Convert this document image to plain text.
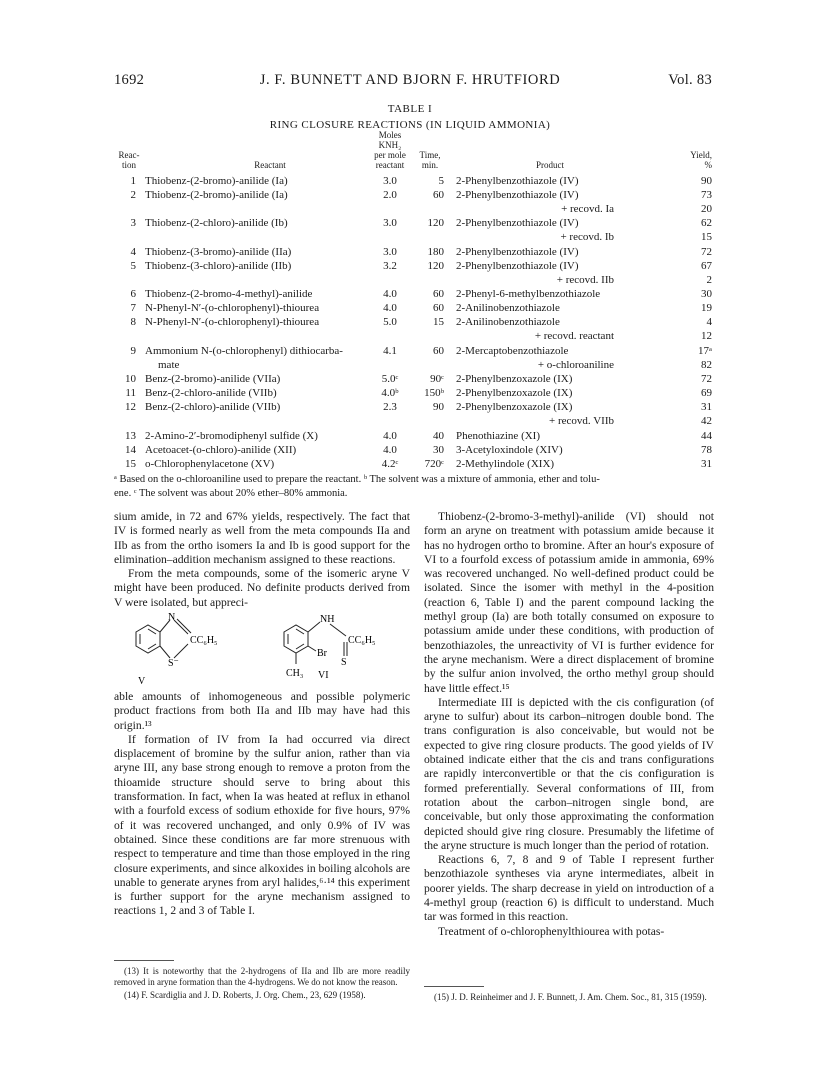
1692	J. F. BUNNETT AND BJORN F. HRUTFIORD	Vol. 83
TABLE I
RING CLOSURE REACTIONS (IN LIQUID AMMONIA)
Reac-
tion	Reactant
Moles
KNH₂
per mole
reactant
Time,
min.	Product
Yield,
%
1 Thiobenz-(2-bromo)-anilide (Ia)	3.0	5 2-Phenylbenzothiazole (IV)	90
2 Thiobenz-(2-bromo)-anilide (Ia)	2.0	60 2-Phenylbenzothiazole (IV)	73
+ recovd. Ia	20
3 Thiobenz-(2-chloro)-anilide (Ib)	3.0	120 2-Phenylbenzothiazole (IV)	62
+ recovd. Ib	15
4 Thiobenz-(3-bromo)-anilide (IIa)	3.0	180 2-Phenylbenzothiazole (IV)	72
5 Thiobenz-(3-chloro)-anilide (IIb)	3.2	120 2-Phenylbenzothiazole (IV)	67
+ recovd. IIb	2
6 Thiobenz-(2-bromo-4-methyl)-anilide	4.0	60 2-Phenyl-6-methylbenzothiazole	30
7 N-Phenyl-N′-(o-chlorophenyl)-thiourea	4.0	60 2-Anilinobenzothiazole	19
8 N-Phenyl-N′-(o-chlorophenyl)-thiourea	5.0	15 2-Anilinobenzothiazole	4
+ recovd. reactant	12
9 Ammonium N-(o-chlorophenyl) dithiocarba-	4.1	60 2-Mercaptobenzothiazole	17ᵃ
mate	+ o-chloroaniline	82
10 Benz-(2-bromo)-anilide (VIIa)	5.0ᶜ	90ᶜ 2-Phenylbenzoxazole (IX)	72
11 Benz-(2-chloro-anilide (VIIb)	4.0ᵇ	150ᵇ 2-Phenylbenzoxazole (IX)	69
12 Benz-(2-chloro)-anilide (VIIb)	2.3	90 2-Phenylbenzoxazole (IX)	31
+ recovd. VIIb	42
13 2-Amino-2′-bromodiphenyl sulfide (X)	4.0	40 Phenothiazine (XI)	44
14 Acetoacet-(o-chloro)-anilide (XII)	4.0	30 3-Acetyloxindole (XIV)	78
15 o-Chlorophenylacetone (XV)	4.2ᶜ	720ᶜ 2-Methylindole (XIX)	31
ᵃ Based on the o-chloroaniline used to prepare the reactant. ᵇ The solvent was a mixture of ammonia, ether and tolu-
ene. ᶜ The solvent was about 20% ether–80% ammonia.

sium amide, in 72 and 67% yields, respectively. The fact that IV is formed nearly as well from the meta compounds IIa and IIb as from the ortho isomers Ia and Ib is good support for the elimination–addition mechanism assigned to these reactions.

From the meta compounds, some of the isomeric aryne V might have been produced. No definite products derived from V were isolated, but appreci-

N
CC₆H₅
S⁻
V
NH
CC₆H₅
Br
S
CH₃ VI

able amounts of inhomogeneous and possible polymeric product fractions from both IIa and IIb may have had this origin.¹³

If formation of IV from Ia had occurred via direct displacement of bromine by the sulfur anion, rather than via aryne III, any base strong enough to remove a proton from the thioamide structure should serve to bring about this transformation. In fact, when Ia was heated at reflux in ethanol with a fourfold excess of sodium ethoxide for five hours, 97% of it was recovered unchanged, and only 0.9% of IV was obtained. Since these conditions are far more strenuous with respect to temperature and time than those employed in the ring closure experiments, and since alkoxides in boiling alcohols are unable to generate arynes from aryl halides,⁶·¹⁴ this experiment is further support for the aryne mechanism assigned to reactions 1, 2 and 3 of Table I.

(13) It is noteworthy that the 2-hydrogens of IIa and IIb are more readily removed in aryne formation than the 4-hydrogens. We do not know the reason.

(14) F. Scardiglia and J. D. Roberts, J. Org. Chem., 23, 629 (1958).

Thiobenz-(2-bromo-3-methyl)-anilide (VI) should not form an aryne on treatment with potassium amide because it has no hydrogen ortho to bromine. After an hour's exposure of VI to a fourfold excess of potassium amide in ammonia, 69% was recovered unchanged. No well-defined product could be isolated. Since the isomer with methyl in the 4-position (reaction 6, Table I) and the parent compound lacking the methyl group (Ia) are both totally consumed on exposure to potassium amide under these conditions, with production of benzothiazoles, the unreactivity of VI is further evidence for the aryne mechanism. Were a direct displacement of bromine by the sulfur anion involved, the ortho methyl group should have little effect.¹⁵

Intermediate III is depicted with the cis configuration (of aryne to sulfur) about its carbon–nitrogen double bond. The trans configuration is also conceivable, but would not be expected to give ring closure products. The good yields of IV obtained indicate either that the cis and trans configurations are rapidly interconvertible or that the cis configuration is formed preferentially. Several conformations of III, from rotation about the carbon–nitrogen single bond, are conceivable, but only those approximating the conformation depicted should give ring closure. Presumably the lifetime of the aryne structure is much longer than the period of rotation.

Reactions 6, 7, 8 and 9 of Table I represent further benzothiazole syntheses via aryne intermediates, albeit in poorer yields. The sharp decrease in yield on introduction of a 4-methyl group (reaction 6) is difficult to understand. Much tar was formed in this reaction.

Treatment of o-chlorophenylthiourea with potas-

(15) J. D. Reinheimer and J. F. Bunnett, J. Am. Chem. Soc., 81, 315 (1959).
